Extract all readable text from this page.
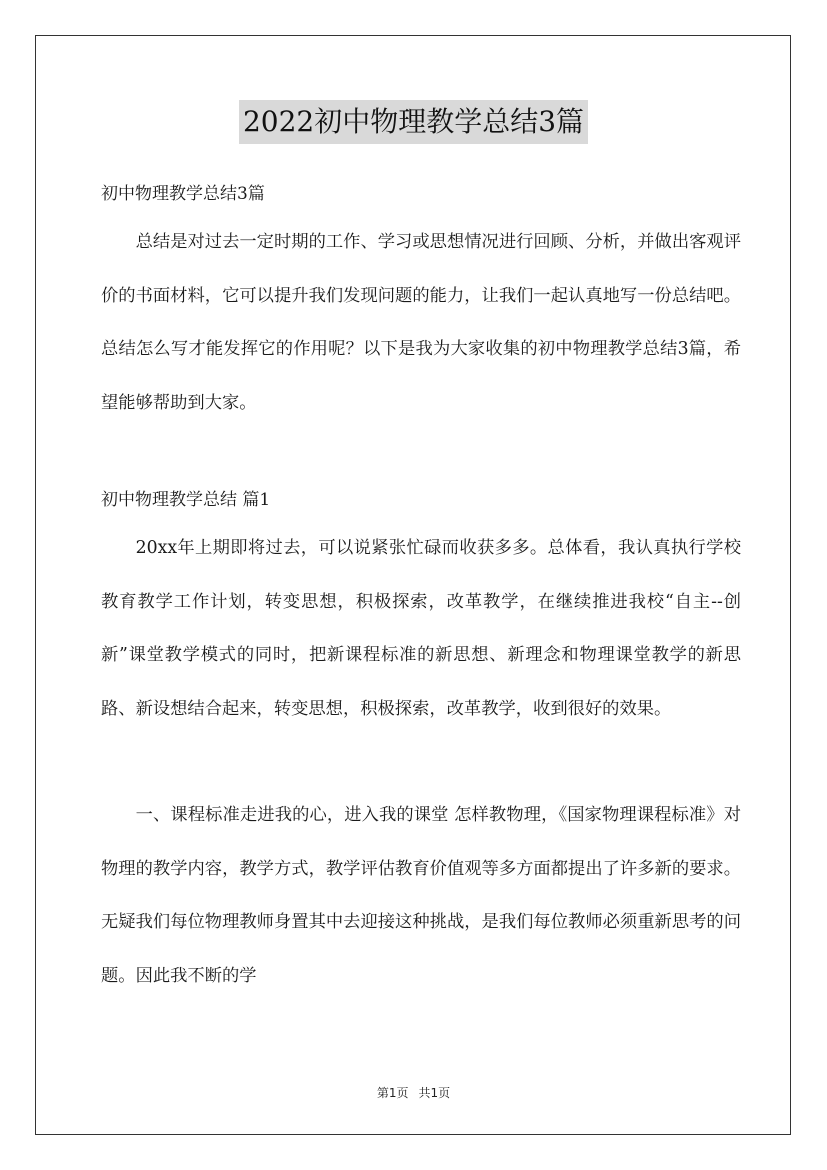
2022初中物理教学总结3篇

初中物理教学总结3篇

总结是对过去一定时期的工作、学习或思想情况进行回顾、分析，并做出客观评价的书面材料，它可以提升我们发现问题的能力，让我们一起认真地写一份总结吧。总结怎么写才能发挥它的作用呢？以下是我为大家收集的初中物理教学总结3篇，希望能够帮助到大家。

初中物理教学总结 篇1

20xx年上期即将过去，可以说紧张忙碌而收获多多。总体看，我认真执行学校教育教学工作计划，转变思想，积极探索，改革教学，在继续推进我校“自主--创新”课堂教学模式的同时，把新课程标准的新思想、新理念和物理课堂教学的新思路、新设想结合起来，转变思想，积极探索，改革教学，收到很好的效果。

一、课程标准走进我的心，进入我的课堂 怎样教物理，《国家物理课程标准》对物理的教学内容，教学方式，教学评估教育价值观等多方面都提出了许多新的要求。无疑我们每位物理教师身置其中去迎接这种挑战，是我们每位教师必须重新思考的问题。因此我不断的学

第1页 共1页
